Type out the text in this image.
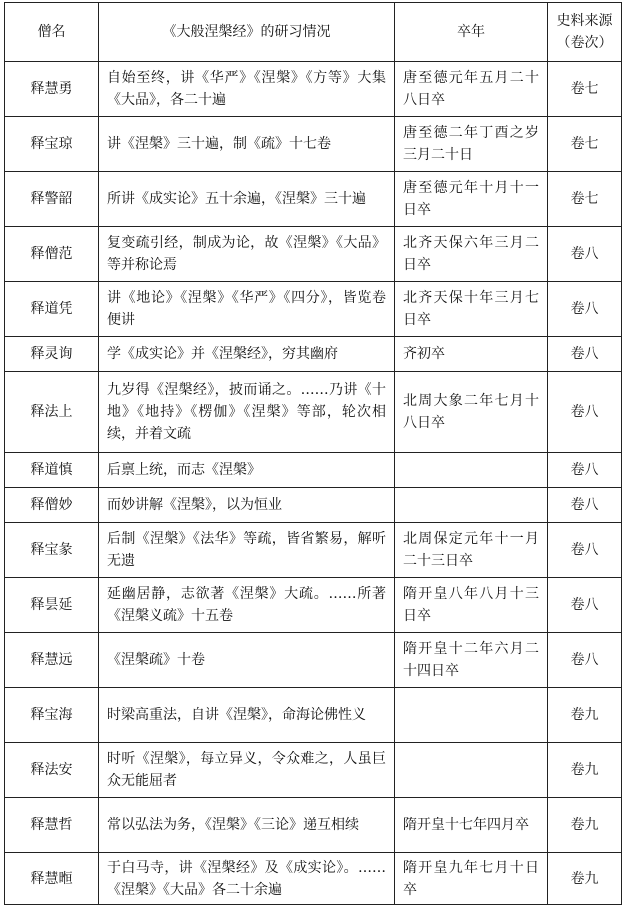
僧名	《大般涅槃经》的研习情况	卒年	史料来源（卷次）
释慧勇	自始至终，讲《华严》《涅槃》《方等》大集《大品》，各二十遍	唐至德元年五月二十八日卒	卷七
释宝琼	讲《涅槃》三十遍，制《疏》十七卷	唐至德二年丁酉之岁三月二十日	卷七
释警韶	所讲《成实论》五十余遍，《涅槃》三十遍	唐至德元年十月十一日卒	卷七
释僧范	复变疏引经，制成为论，故《涅槃》《大品》等并称论焉	北齐天保六年三月二日卒	卷八
释道凭	讲《地论》《涅槃》《华严》《四分》，皆览卷便讲	北齐天保十年三月七日卒	卷八
释灵询	学《成实论》并《涅槃经》，穷其幽府	齐初卒	卷八
释法上	九岁得《涅槃经》，披而诵之。……乃讲《十地》《地持》《楞伽》《涅槃》等部，轮次相续，并着文疏	北周大象二年七月十八日卒	卷八
释道慎	后禀上统，而志《涅槃》		卷八
释僧妙	而妙讲解《涅槃》，以为恒业		卷八
释宝彖	后制《涅槃》《法华》等疏，皆省繁易，解听无遗	北周保定元年十一月二十三日卒	卷八
释昙延	延幽居静，志欲著《涅槃》大疏。……所著《涅槃义疏》十五卷	隋开皇八年八月十三日卒	卷八
释慧远	《涅槃疏》十卷	隋开皇十二年六月二十四日卒	卷八
释宝海	时梁高重法，自讲《涅槃》，命海论佛性义		卷九
释法安	时听《涅槃》，每立异义，令众难之，人虽巨众无能屈者		卷九
释慧哲	常以弘法为务，《涅槃》《三论》递互相续	隋开皇十七年四月卒	卷九
释慧暅	于白马寺，讲《涅槃经》及《成实论》。……《涅槃》《大品》各二十余遍	隋开皇九年七月十日卒	卷九
